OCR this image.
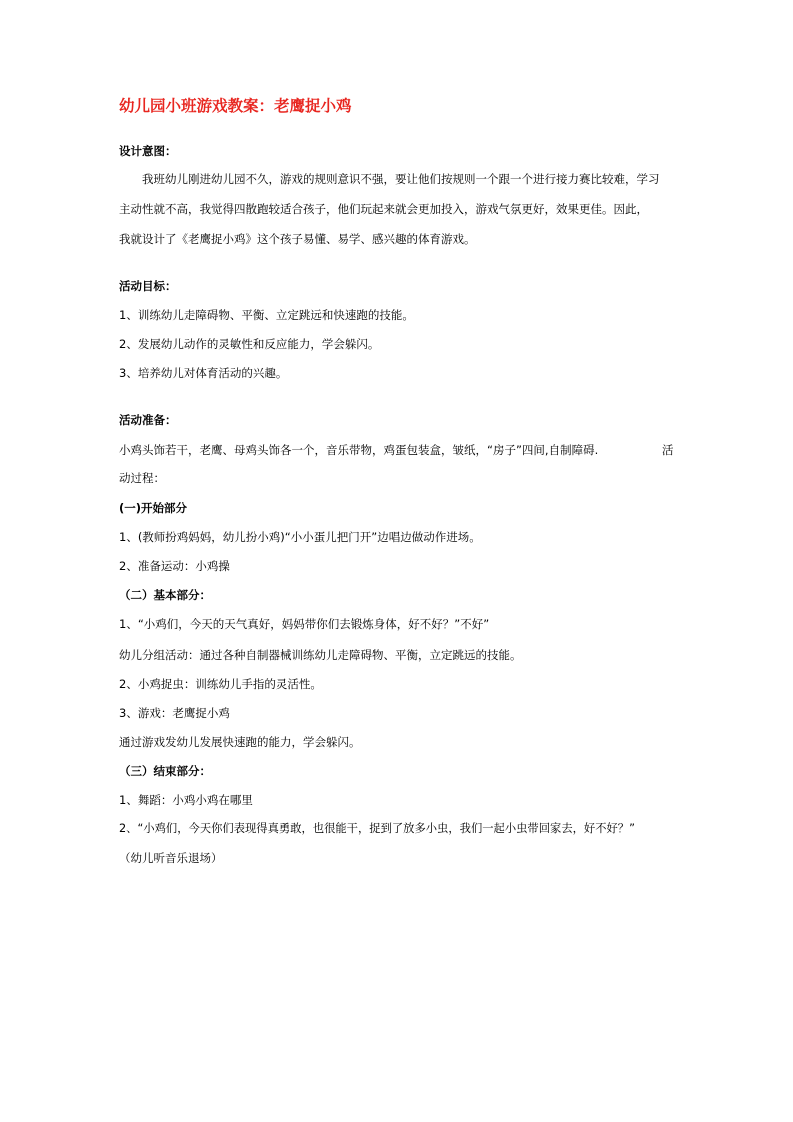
幼儿园小班游戏教案：老鹰捉小鸡
设计意图：
我班幼儿刚进幼儿园不久，游戏的规则意识不强，要让他们按规则一个跟一个进行接力赛比较难，学习
主动性就不高，我觉得四散跑较适合孩子，他们玩起来就会更加投入，游戏气氛更好，效果更佳。因此，
我就设计了《老鹰捉小鸡》这个孩子易懂、易学、感兴趣的体育游戏。
活动目标：
1、训练幼儿走障碍物、平衡、立定跳远和快速跑的技能。
2、发展幼儿动作的灵敏性和反应能力，学会躲闪。
3、培养幼儿对体育活动的兴趣。
活动准备：
小鸡头饰若干，老鹰、母鸡头饰各一个，音乐带物，鸡蛋包装盒，皱纸，“房子”四间,自制障碍.	活
动过程：
(一)开始部分
1、(教师扮鸡妈妈，幼儿扮小鸡)“小小蛋儿把门开”边唱边做动作进场。
2、准备运动：小鸡操
（二）基本部分：
1、“小鸡们，今天的天气真好，妈妈带你们去锻炼身体，好不好？”不好”
幼儿分组活动：通过各种自制器械训练幼儿走障碍物、平衡，立定跳远的技能。
2、小鸡捉虫：训练幼儿手指的灵活性。
3、游戏：老鹰捉小鸡
通过游戏发幼儿发展快速跑的能力，学会躲闪。
（三）结束部分：
1、舞蹈：小鸡小鸡在哪里
2、“小鸡们，今天你们表现得真勇敢，也很能干，捉到了放多小虫，我们一起小虫带回家去，好不好？”
（幼儿听音乐退场）
